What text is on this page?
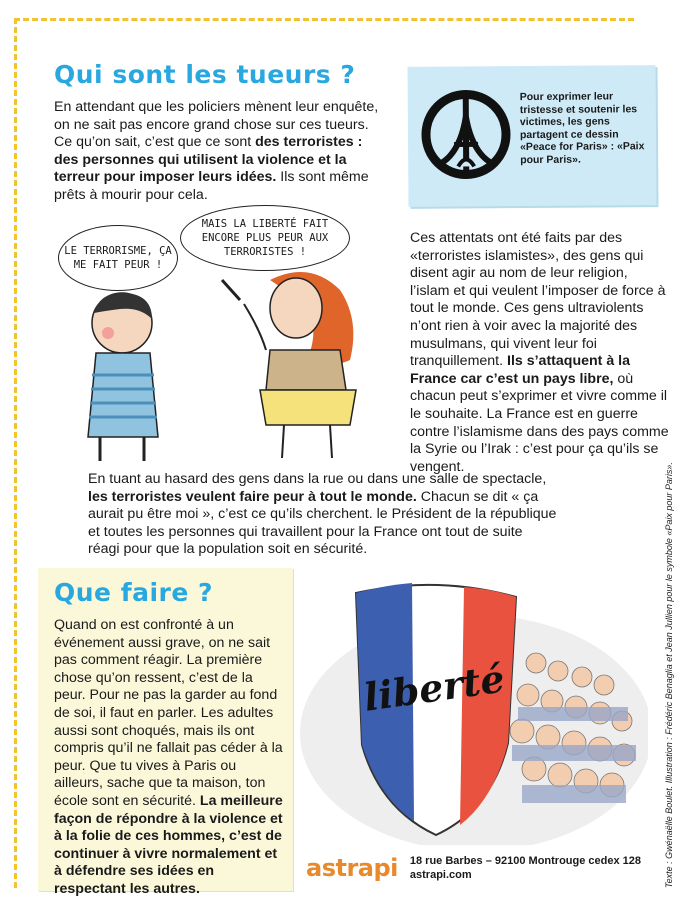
Qui sont les tueurs ?

En attendant que les policiers mènent leur enquête, on ne sait pas encore grand chose sur ces tueurs. Ce qu’on sait, c’est que ce sont des terroristes : des personnes qui utilisent la violence et la terreur pour imposer leurs idées. Ils sont même prêts à mourir pour cela.

Pour exprimer leur tristesse et soutenir les victimes, les gens partagent ce dessin «Peace for Paris» : «Paix pour Paris».
LE TERRORISME, ÇA ME FAIT PEUR !
MAIS LA LIBERTÉ FAIT ENCORE PLUS PEUR AUX TERRORISTES !

Ces attentats ont été faits par des «terroristes islamistes», des gens qui disent agir au nom de leur religion, l’islam et qui veulent l’imposer de force à tout le monde. Ces gens ultraviolents n’ont rien à voir avec la majorité des musulmans, qui vivent leur foi tranquillement. Ils s’attaquent à la France car c’est un pays libre, où chacun peut s’exprimer et vivre comme il le souhaite. La France est en guerre contre l’islamisme dans des pays comme la Syrie ou l’Irak : c’est pour ça qu’ils se vengent.

En tuant au hasard des gens dans la rue ou dans une salle de spectacle, les terroristes veulent faire peur à tout le monde. Chacun se dit « ça aurait pu être moi », c’est ce qu’ils cherchent. le Président de la république et toutes les personnes qui travaillent pour la France ont tout de suite réagi pour que la population soit en sécurité.

Que faire ?

Quand on est confronté à un événement aussi grave, on ne sait pas comment réagir. La première chose qu’on ressent, c’est de la peur. Pour ne pas la garder au fond de soi, il faut en parler. Les adultes aussi sont choqués, mais ils ont compris qu’il ne fallait pas céder à la peur. Que tu vives à Paris ou ailleurs, sache que ta maison, ton école sont en sécurité. La meilleure façon de répondre à la violence et à la folie de ces hommes, c’est de continuer à vivre normalement et à défendre ses idées en respectant les autres.

liberté	Texte : Gwénaëlle Boulet. Illustration : Frédéric Benaglia et Jean Jullien pour le symbole «Paix pour Paris».
astrapi 18 rue Barbes – 92100 Montrouge cedex 128
astrapi.com
